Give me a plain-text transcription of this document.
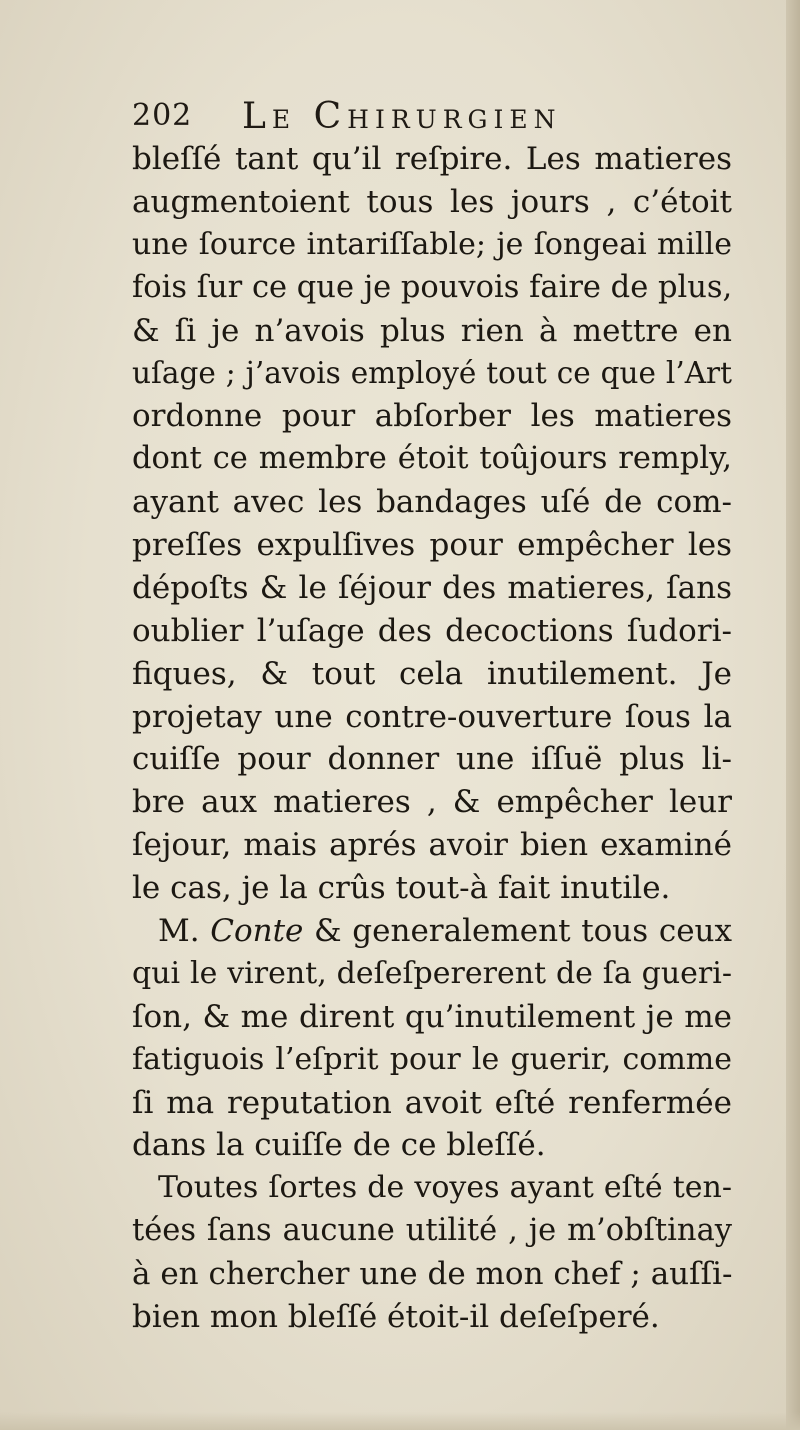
202 Le Chirurgien
bleſſé tant qu’il reſpire. Les matieres
augmentoient tous les jours , c’étoit
une ſource intariſſable; je ſongeai mille
fois ſur ce que je pouvois faire de plus,
& ſi je n’avois plus rien à mettre en
uſage ; j’avois employé tout ce que l’Art
ordonne pour abſorber les matieres
dont ce membre étoit toûjours remply,
ayant avec les bandages uſé de com-
preſſes expulſives pour empêcher les
dépoſts & le ſéjour des matieres, ſans
oublier l’uſage des decoctions ſudori-
fiques, & tout cela inutilement. Je
projetay une contre-ouverture ſous la
cuiſſe pour donner une iſſuë plus li-
bre aux matieres , & empêcher leur
ſejour, mais aprés avoir bien examiné
le cas, je la crûs tout-à fait inutile.
M. Conte & generalement tous ceux
qui le virent, deſeſpererent de ſa gueri-
ſon, & me dirent qu’inutilement je me
fatiguois l’eſprit pour le guerir, comme
ſi ma reputation avoit eſté renfermée
dans la cuiſſe de ce bleſſé.
Toutes ſortes de voyes ayant eſté ten-
tées ſans aucune utilité , je m’obſtinay
à en chercher une de mon chef ; auſſi-
bien mon bleſſé étoit-il deſeſperé.
